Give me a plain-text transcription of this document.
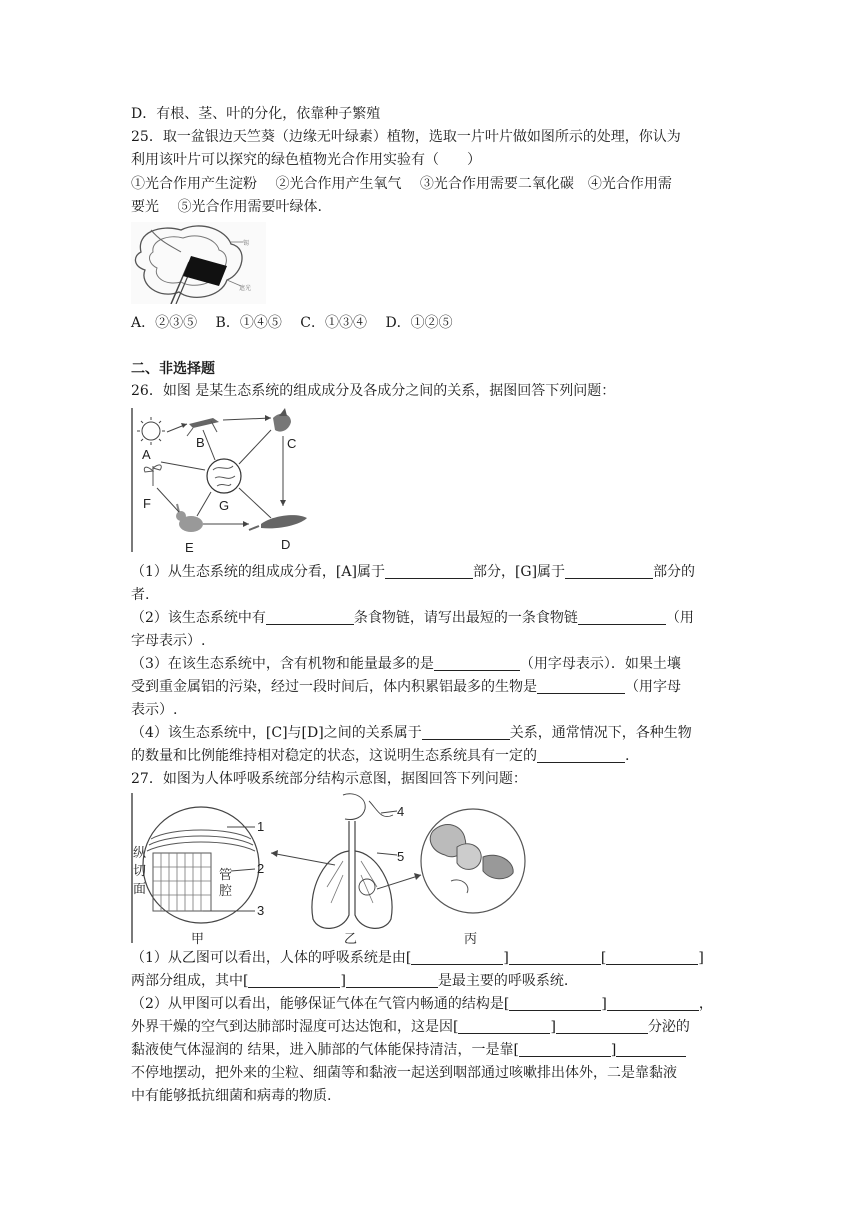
D．有根、茎、叶的分化，依靠种子繁殖
25．取一盆银边天竺葵（边缘无叶绿素）植物，选取一片叶片做如图所示的处理，你认为
利用该叶片可以探究的绿色植物光合作用实验有（　　）
①光合作用产生淀粉　 ②光合作用产生氧气　 ③光合作用需要二氧化碳　④光合作用需
要光　 ⑤光合作用需要叶绿体.
锡
遮光
A．②③⑤　 B．①④⑤　 C．①③④　 D．①②⑤
二、非选择题
26．如图 是某生态系统的组成成分及各成分之间的关系，据图回答下列问题：
A
B	C
D
E
F	G
（1）从生态系统的组成成分看，[A]属于	部分，[G]属于	部分的
者.
（2）该生态系统中有	条食物链，请写出最短的一条食物链	（用
字母表示）.
（3）在该生态系统中，含有机物和能量最多的是	（用字母表示）．如果土壤
受到重金属铝的污染，经过一段时间后，体内积累铝最多的生物是	（用字母
表示）.
（4）该生态系统中，[C]与[D]之间的关系属于	关系，通常情况下，各种生物
的数量和比例能维持相对稳定的状态，这说明生态系统具有一定的	.
27．如图为人体呼吸系统部分结构示意图，据图回答下列问题：
1
2
3
纵
切
面
管
腔
4
5
甲	乙	丙
（1）从乙图可以看出，人体的呼吸系统是由[	]	[	]
两部分组成，其中[	]	是最主要的呼吸系统.
（2）从甲图可以看出，能够保证气体在气管内畅通的结构是[	]	，
外界干燥的空气到达肺部时湿度可达达饱和，这是因[	]	分泌的
黏液使气体湿润的 结果，进入肺部的气体能保持清洁，一是靠[	]
不停地摆动，把外来的尘粒、细菌等和黏液一起送到咽部通过咳嗽排出体外，二是靠黏液
中有能够抵抗细菌和病毒的物质.
